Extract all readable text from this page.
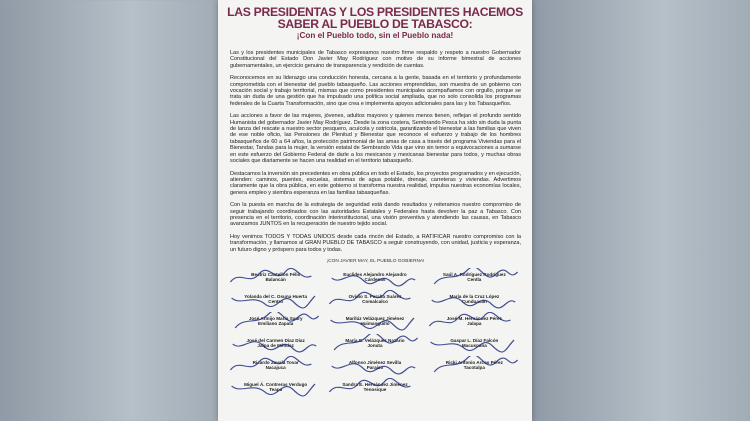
LAS PRESIDENTAS Y LOS PRESIDENTES HACEMOS
SABER AL PUEBLO DE TABASCO:
¡Con el Pueblo todo, sin el Pueblo nada!

Las y los presidentes municipales de Tabasco expresamos nuestro firme respaldo y respeto a nuestro Gobernador Constitucional del Estado Don Javier May Rodríguez con motivo de su informe bimestral de acciones gubernamentales, un ejercicio genuino de transparencia y rendición de cuentas.

Reconocemos en su liderazgo una conducción honesta, cercana a la gente, basada en el territorio y profundamente comprometida con el bienestar del pueblo tabasqueño. Las acciones emprendidas, son muestra de un gobierno con vocación social y trabajo territorial, mismas que como presidentes municipales acompañamos con orgullo, porque se trata sin duda de una gestión que ha impulsado una política social ampliada, que no solo consolida los programas federales de la Cuarta Transformación, sino que crea e implementa apoyos adicionales para las y los Tabasqueños.

Las acciones a favor de las mujeres, jóvenes, adultos mayores y quienes menos tienen, reflejan el profundo sentido Humanista del gobernador Javier May Rodríguez. Desde la zona costera, Sembrando Pesca ha sido sin duda la punta de lanza del rescate a nuestro sector pesquero, acuícola y ostrícola, garantizando el bienestar a las familias que viven de ese noble oficio, las Pensiones de Plenitud y Bienestar que reconoce el esfuerzo y trabajo de los hombres tabasqueños de 60 a 64 años, la protección patrimonial de las amas de casa a través del programa Viviendas para el Bienestar, Tandas para la mujer, la versión estatal de Sembrando Vida que vino sin temor a equivocaciones a sumarse en este esfuerzo del Gobierno Federal de darle a los mexicanos y mexicanas bienestar para todos, y muchas obras sociales que diariamente se hacen una realidad en el territorio tabasqueño.

Destacamos la inversión sin precedentes en obra pública en todo el Estado, los proyectos programados y en ejecución, atienden: caminos, puentes, escuelas, sistemas de agua potable, drenaje, carreteras y viviendas. Advertimos claramente que la obra pública, en este gobierno si transforma nuestra realidad, impulsa nuestras economías locales, genera empleo y siembra esperanza en las familias tabasqueñas.

Con la puesta en marcha de la estrategia de seguridad está dando resultados y reiteramos nuestro compromiso de seguir trabajando coordinados con las autoridades Estatales y Federales hasta devolver la paz a Tabasco. Con presencia en el territorio, coordinación interinstitucional, una visión preventiva y atendiendo las causas, en Tabasco avanzamos JUNTOS en la recuperación de nuestro tejido social.

Hoy venimos TODOS Y TODAS UNIDOS desde cada rincón del Estado, a RATIFICAR nuestro compromiso con la transformación, y llamamos al GRAN PUEBLO DE TABASCO a seguir construyendo, con unidad, justicia y esperanza, un futuro digno y próspero para todos y todas.

¡CON JAVIER MAY, EL PUEBLO GOBIERNA!
Beatriz Castellón Félix
Balancán
Euclides Alejandro Alejandro
Cárdenas
Saúl A. Rodríguez Rodríguez
Centla
Yolanda del C. Osuna Huerta
Centro
Ovidio S. Peralta Suárez
Comalcalco
María de la Cruz López
Cunduacán
José Armijo Marín Saury
Emiliano Zapata
Marilúz Velázquez Jiménez
Huimanguillo
José M. Hernández Pérez
Jalapa
José del Carmen Díaz Díaz
Jalpa de Méndez
María G. Velázquez Nazario
Jonuta
Gaspar L. Díaz Falcón
Macuspana
Ricardo Zavala Tovar
Nacajuca
Alfonso Jiménez Sevilla
Paraíso
Ricki Antonio Arcos Pérez
Tacotalpa
Miguel Á. Contreras Verdugo
Teapa
Sandra E. Hernández Jiménez
Tenosique
